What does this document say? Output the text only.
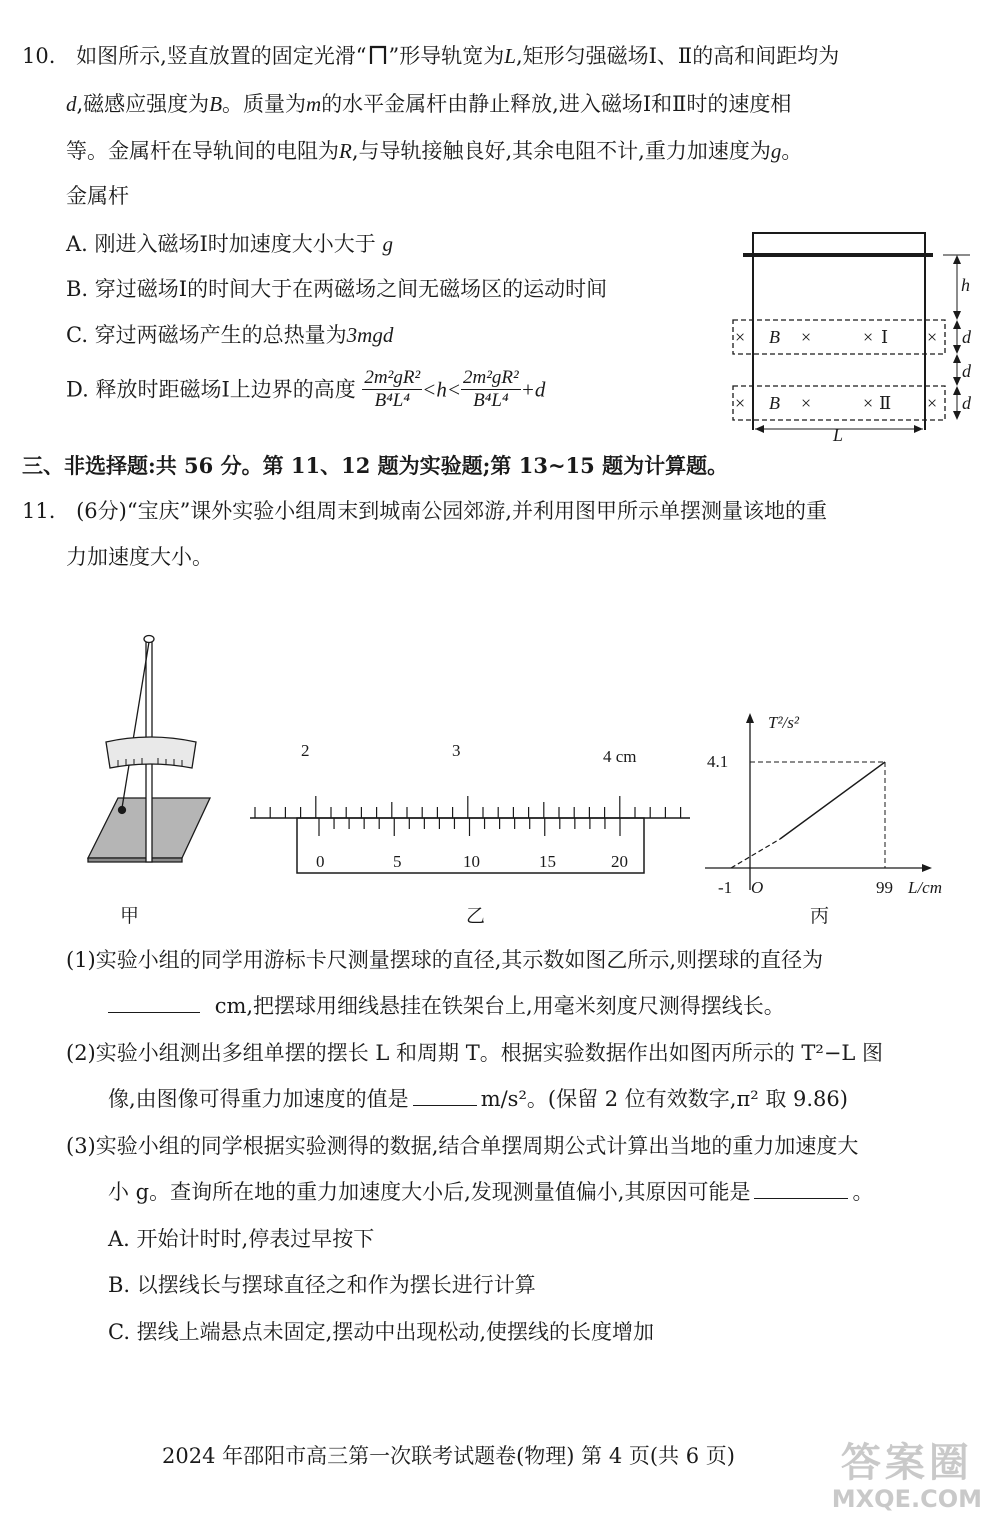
10. 如图所示,竖直放置的固定光滑“ ”形导轨宽为L,矩形匀强磁场Ⅰ、Ⅱ的高和间距均为
d,磁感应强度为B。质量为m的水平金属杆由静止释放,进入磁场Ⅰ和Ⅱ时的速度相
等。金属杆在导轨间的电阻为R,与导轨接触良好,其余电阻不计,重力加速度为g。
金属杆
A. 刚进入磁场Ⅰ时加速度大小大于 g
B. 穿过磁场Ⅰ的时间大于在两磁场之间无磁场区的运动时间
C. 穿过两磁场产生的总热量为3mgd
D. 释放时距磁场Ⅰ上边界的高度 $\frac{\text{2m²gR²}}{\text{B⁴L⁴}} <h< \frac{\text{2m²gR²}}{\text{B⁴L⁴}} +d$
× B ×	× Ⅰ ×
× B ×	× Ⅱ ×
h
d
d
d
L
三、非选择题:共 56 分。第 11、12 题为实验题;第 13~15 题为计算题。
11. (6分)“宝庆”课外实验小组周末到城南公园郊游,并利用图甲所示单摆测量该地的重
力加速度大小。
甲
2	3	4 cm
0	5	10	15	20
乙
T²/s²
4.1
-1 O	99 L/cm
丙
(1)实验小组的同学用游标卡尺测量摆球的直径,其示数如图乙所示,则摆球的直径为
cm,把摆球用细线悬挂在铁架台上,用毫米刻度尺测得摆线长。
(2)实验小组测出多组单摆的摆长 L 和周期 T。根据实验数据作出如图丙所示的 T²−L 图
像,由图像可得重力加速度的值是	m/s²。(保留 2 位有效数字,π² 取 9.86)
(3)实验小组的同学根据实验测得的数据,结合单摆周期公式计算出当地的重力加速度大
小 g。查询所在地的重力加速度大小后,发现测量值偏小,其原因可能是	。
A. 开始计时时,停表过早按下
B. 以摆线长与摆球直径之和作为摆长进行计算
C. 摆线上端悬点未固定,摆动中出现松动,使摆线的长度增加
2024 年邵阳市高三第一次联考试题卷(物理) 第 4 页(共 6 页)	答案圈
MXQE.COM
